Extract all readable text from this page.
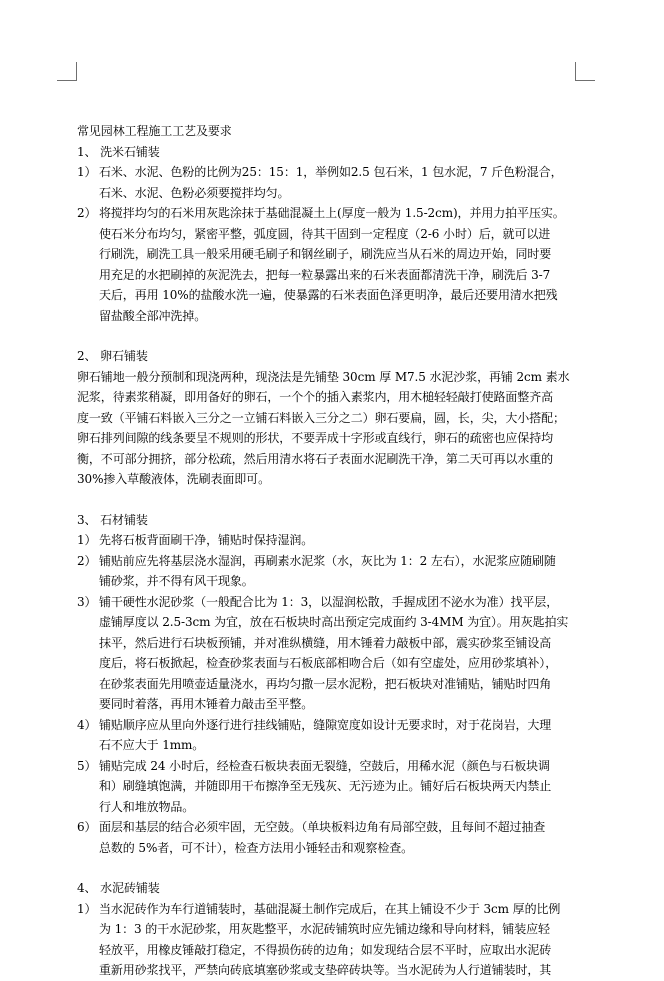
常见园林工程施工工艺及要求
1、 洗米石铺装
1） 石米、水泥、色粉的比例为25：15：1，举例如2.5 包石米，1 包水泥，7 斤色粉混合，
石米、水泥、色粉必须要搅拌均匀。
2） 将搅拌均匀的石米用灰匙涂抹于基础混凝土上(厚度一般为 1.5-2cm)，并用力拍平压实。
使石米分布均匀，紧密平整，弧度圆，待其干固到一定程度（2-6 小时）后，就可以进
行刷洗，刷洗工具一般采用硬毛刷子和钢丝刷子，刷洗应当从石米的周边开始，同时要
用充足的水把刷掉的灰泥洗去，把每一粒暴露出来的石米表面都清洗干净，刷洗后 3-7
天后，再用 10%的盐酸水洗一遍，使暴露的石米表面色泽更明净，最后还要用清水把残
留盐酸全部冲洗掉。
2、 卵石铺装
卵石铺地一般分预制和现浇两种，现浇法是先铺垫 30cm 厚 M7.5 水泥沙浆，再铺 2cm 素水
泥浆，待素浆稍凝，即用备好的卵石，一个个的插入素浆内，用木槌轻轻敲打使路面整齐高
度一致（平铺石料嵌入三分之一立铺石料嵌入三分之二）卵石要扁，圆，长，尖，大小搭配；
卵石排列间隙的线条要呈不规则的形状，不要弄成十字形或直线行，卵石的疏密也应保持均
衡，不可部分拥挤，部分松疏，然后用清水将石子表面水泥刷洗干净，第二天可再以水重的
30%掺入草酸液体，洗刷表面即可。
3、 石材铺装
1） 先将石板背面刷干净，铺贴时保持湿润。
2） 铺贴前应先将基层浇水湿润，再刷素水泥浆（水，灰比为 1：2 左右），水泥浆应随刷随
铺砂浆，并不得有风干现象。
3） 铺干硬性水泥砂浆（一般配合比为 1：3，以湿润松散，手握成团不泌水为准）找平层，
虚铺厚度以 2.5-3cm 为宜，放在石板块时高出预定完成面约 3-4MM 为宜）。用灰匙拍实
抹平，然后进行石块板预铺，并对准纵横缝，用木锤着力敲板中部，震实砂浆至铺设高
度后，将石板掀起，检查砂浆表面与石板底部相吻合后（如有空虚处，应用砂浆填补），
在砂浆表面先用喷壶适量浇水，再均匀撒一层水泥粉，把石板块对准铺贴，铺贴时四角
要同时着落，再用木锤着力敲击至平整。
4） 铺贴顺序应从里向外逐行进行挂线铺贴，缝隙宽度如设计无要求时，对于花岗岩，大理
石不应大于 1mm。
5） 铺贴完成 24 小时后，经检查石板块表面无裂缝，空鼓后，用稀水泥（颜色与石板块调
和）刷缝填饱满，并随即用干布擦净至无残灰、无污迹为止。铺好后石板块两天内禁止
行人和堆放物品。
6） 面层和基层的结合必须牢固，无空鼓。（单块板料边角有局部空鼓，且每间不超过抽查
总数的 5%者，可不计），检查方法用小锤轻击和观察检查。
4、 水泥砖铺装
1） 当水泥砖作为车行道铺装时，基础混凝土制作完成后，在其上铺设不少于 3cm 厚的比例
为 1：3 的干水泥砂浆，用灰匙整平，水泥砖铺筑时应先铺边缘和导向材料，铺装应轻
轻放平，用橡皮锤敲打稳定，不得损伤砖的边角；如发现结合层不平时，应取出水泥砖
重新用砂浆找平，严禁向砖底填塞砂浆或支垫碎砖块等。当水泥砖为人行道铺装时，其
